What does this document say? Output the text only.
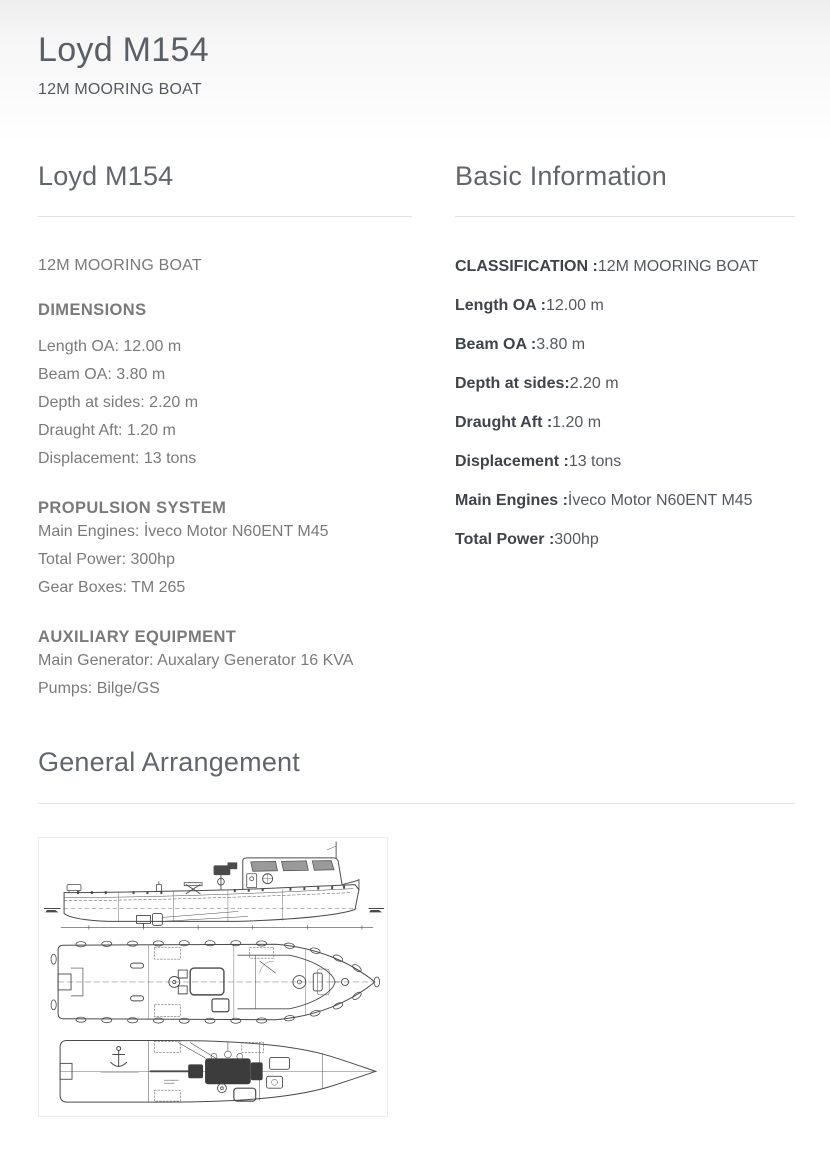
Loyd M154
12M MOORING BOAT
Loyd M154

12M MOORING BOAT

DIMENSIONS
Length OA: 12.00 m
Beam OA: 3.80 m
Depth at sides: 2.20 m
Draught Aft: 1.20 m
Displacement: 13 tons
PROPULSION SYSTEM
Main Engines: İveco Motor N60ENT M45
Total Power: 300hp
Gear Boxes: TM 265
AUXILIARY EQUIPMENT
Main Generator: Auxalary Generator 16 KVA
Pumps: Bilge/GS
Basic Information
CLASSIFICATION :12M MOORING BOAT
Length OA :12.00 m
Beam OA :3.80 m
Depth at sides:2.20 m
Draught Aft :1.20 m
Displacement :13 tons
Main Engines :İveco Motor N60ENT M45
Total Power :300hp
General Arrangement
